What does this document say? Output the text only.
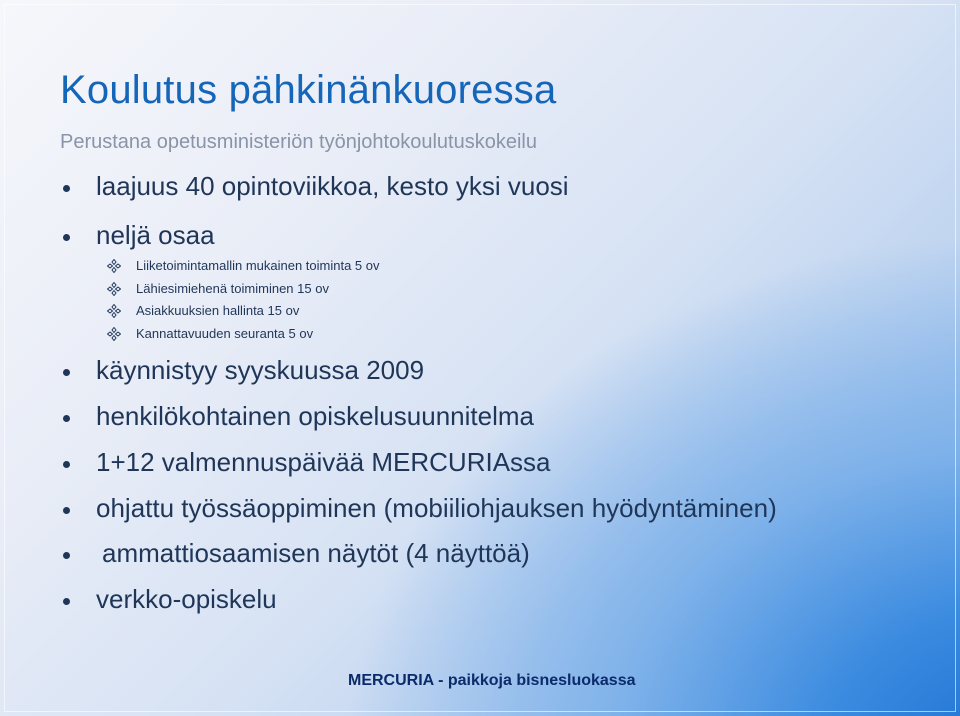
Koulutus pähkinänkuoressa

Perustana opetusministeriön työnjohtokoulutuskokeilu

laajuus 40 opintoviikkoa, kesto yksi vuosi
neljä osaa
Liiketoimintamallin mukainen toiminta 5 ov
Lähiesimiehenä toimiminen 15 ov
Asiakkuuksien hallinta 15 ov
Kannattavuuden seuranta 5 ov
käynnistyy syyskuussa 2009
henkilökohtainen opiskelusuunnitelma
1+12 valmennuspäivää MERCURIAssa
ohjattu työssäoppiminen (mobiiliohjauksen hyödyntäminen)
ammattiosaamisen näytöt (4 näyttöä)
verkko-opiskelu
MERCURIA - paikkoja bisnesluokassa
